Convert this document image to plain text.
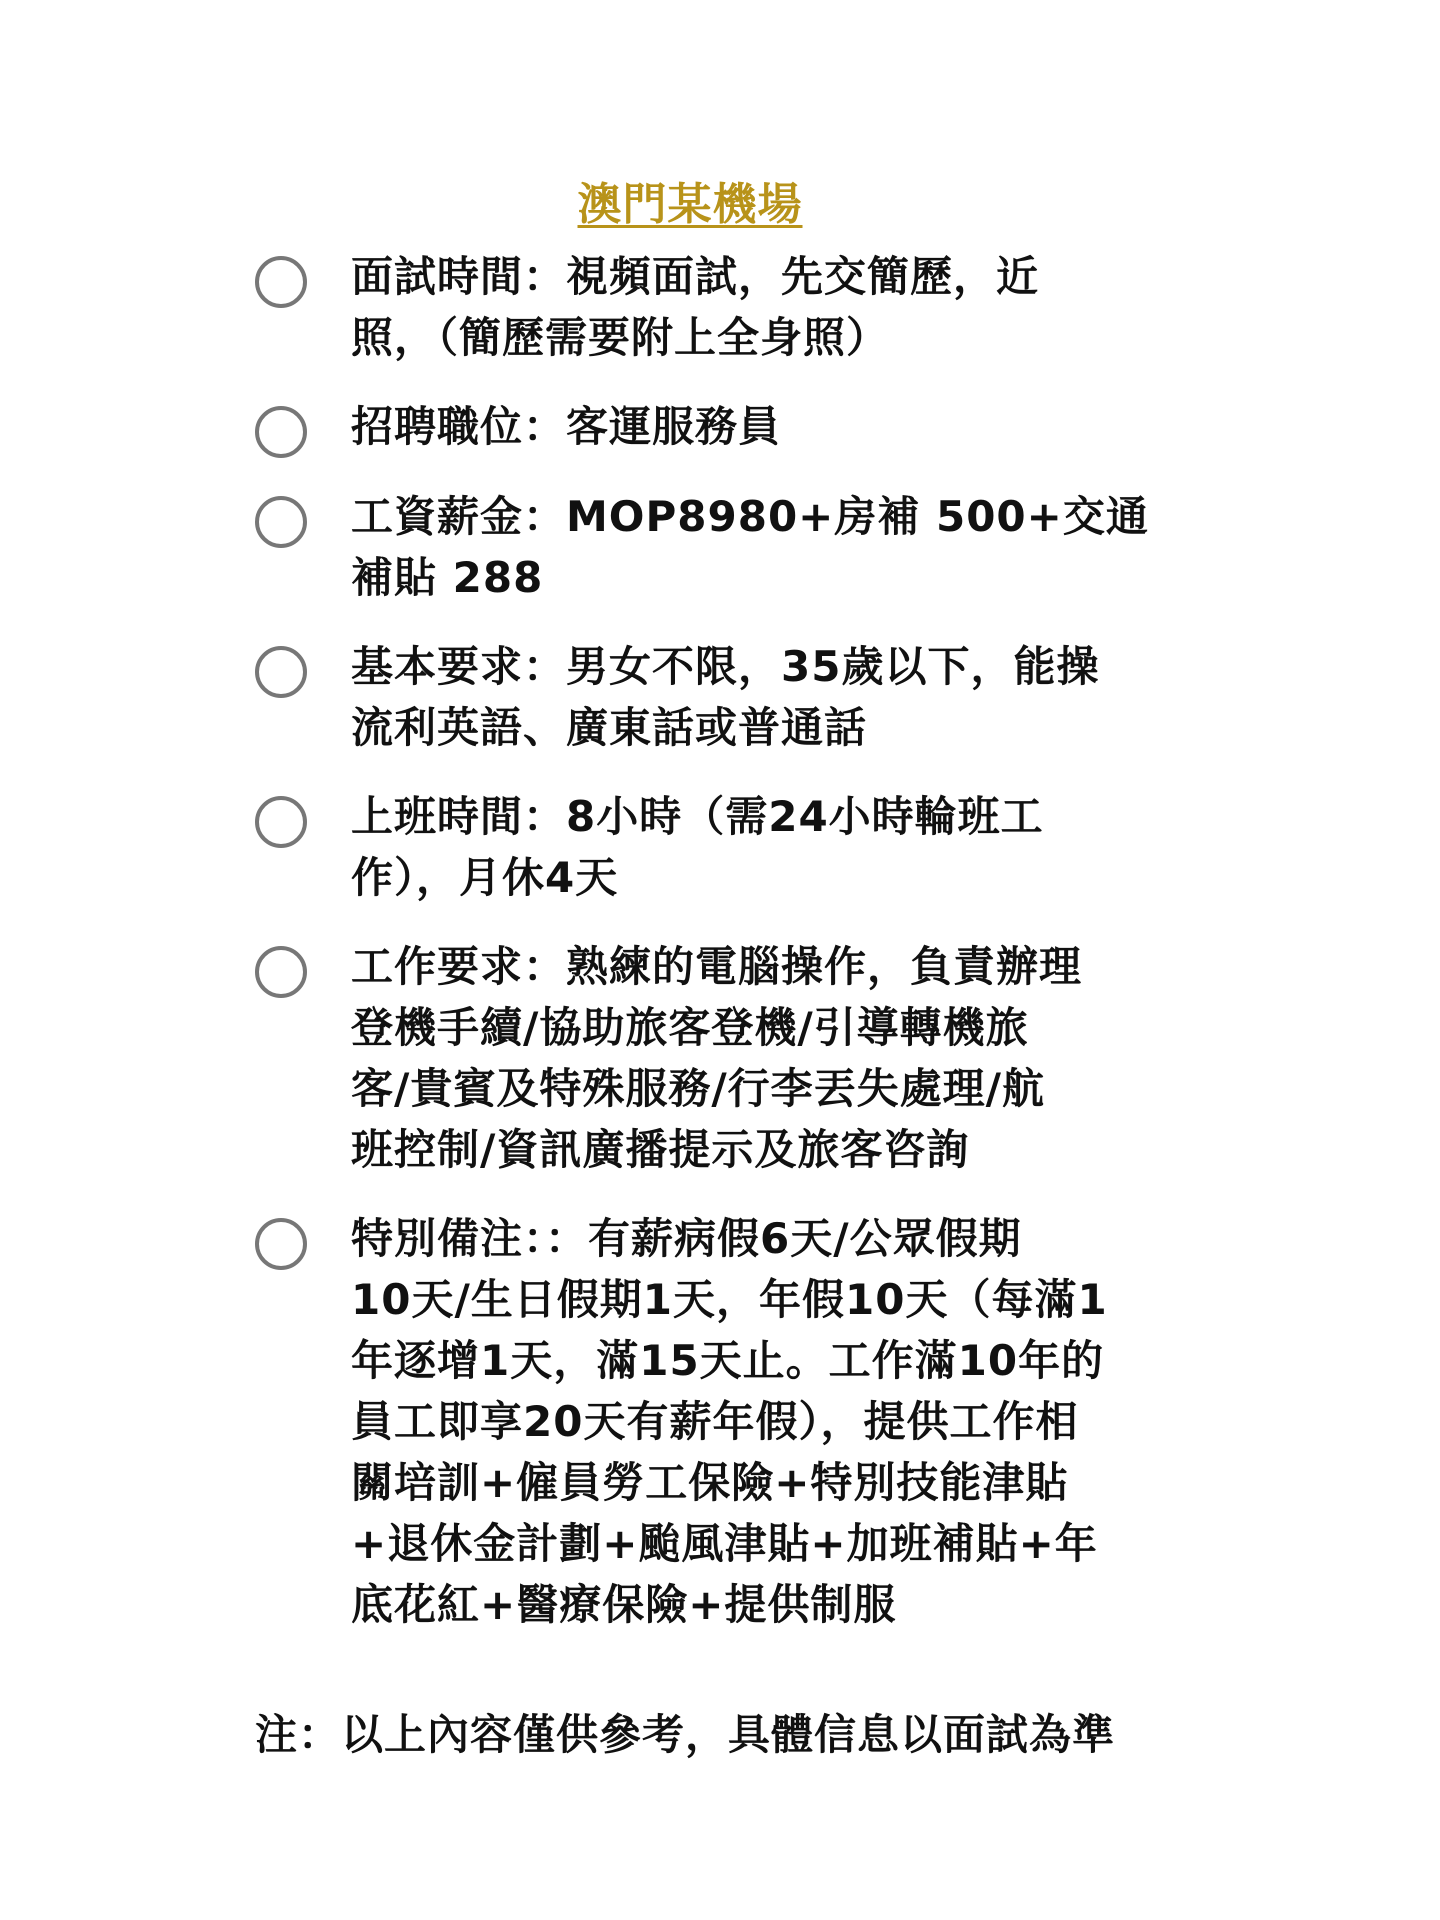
澳門某機場
面試時間：視頻面試，先交簡歷，近
照，（簡歷需要附上全身照）
招聘職位：客運服務員
工資薪金：MOP8980+房補 500+交通
補貼 288
基本要求：男女不限，35歲以下，能操
流利英語、廣東話或普通話
上班時間：8小時（需24小時輪班工
作），月休4天
工作要求：熟練的電腦操作，負責辦理
登機手續/協助旅客登機/引導轉機旅
客/貴賓及特殊服務/行李丟失處理/航
班控制/資訊廣播提示及旅客咨詢
特別備注：：有薪病假6天/公眾假期
10天/生日假期1天，年假10天（每滿1
年逐增1天，滿15天止。工作滿10年的
員工即享20天有薪年假），提供工作相
關培訓+僱員勞工保險+特別技能津貼
+退休金計劃+颱風津貼+加班補貼+年
底花紅+醫療保險+提供制服
注：以上內容僅供參考，具體信息以面試為準
